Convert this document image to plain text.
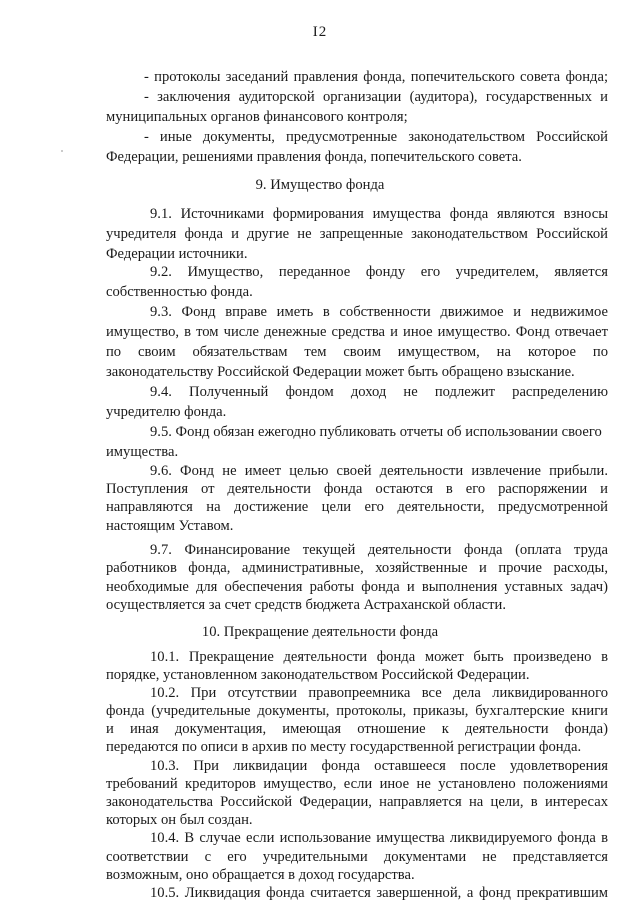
I2
- протоколы заседаний правления фонда, попечительского совета фонда;
- заключения аудиторской организации (аудитора), государственных и
муниципальных органов финансового контроля;
- иные документы, предусмотренные законодательством Российской
Федерации, решениями правления фонда, попечительского совета.
9. Имущество фонда
9.1. Источниками формирования имущества фонда являются взносы
учредителя фонда и другие не запрещенные законодательством Российской
Федерации источники.
9.2. Имущество, переданное фонду его учредителем, является
собственностью фонда.
9.3. Фонд вправе иметь в собственности движимое и недвижимое
имущество, в том числе денежные средства и иное имущество. Фонд отвечает
по своим обязательствам тем своим имуществом, на которое по
законодательству Российской Федерации может быть обращено взыскание.
9.4. Полученный фондом доход не подлежит распределению
учредителю фонда.
9.5. Фонд обязан ежегодно публиковать отчеты об использовании своего
имущества.
9.6. Фонд не имеет целью своей деятельности извлечение прибыли.
Поступления от деятельности фонда остаются в его распоряжении и
направляются на достижение цели его деятельности, предусмотренной
настоящим Уставом.
9.7. Финансирование текущей деятельности фонда (оплата труда
работников фонда, административные, хозяйственные и прочие расходы,
необходимые для обеспечения работы фонда и выполнения уставных задач)
осуществляется за счет средств бюджета Астраханской области.
10. Прекращение деятельности фонда
10.1. Прекращение деятельности фонда может быть произведено в
порядке, установленном законодательством Российской Федерации.
10.2. При отсутствии правопреемника все дела ликвидированного
фонда (учредительные документы, протоколы, приказы, бухгалтерские книги
и иная документация, имеющая отношение к деятельности фонда)
передаются по описи в архив по месту государственной регистрации фонда.
10.3. При ликвидации фонда оставшееся после удовлетворения
требований кредиторов имущество, если иное не установлено положениями
законодательства Российской Федерации, направляется на цели, в интересах
которых он был создан.
10.4. В случае если использование имущества ликвидируемого фонда в
соответствии с его учредительными документами не представляется
возможным, оно обращается в доход государства.
10.5. Ликвидация фонда считается завершенной, а фонд прекратившим
